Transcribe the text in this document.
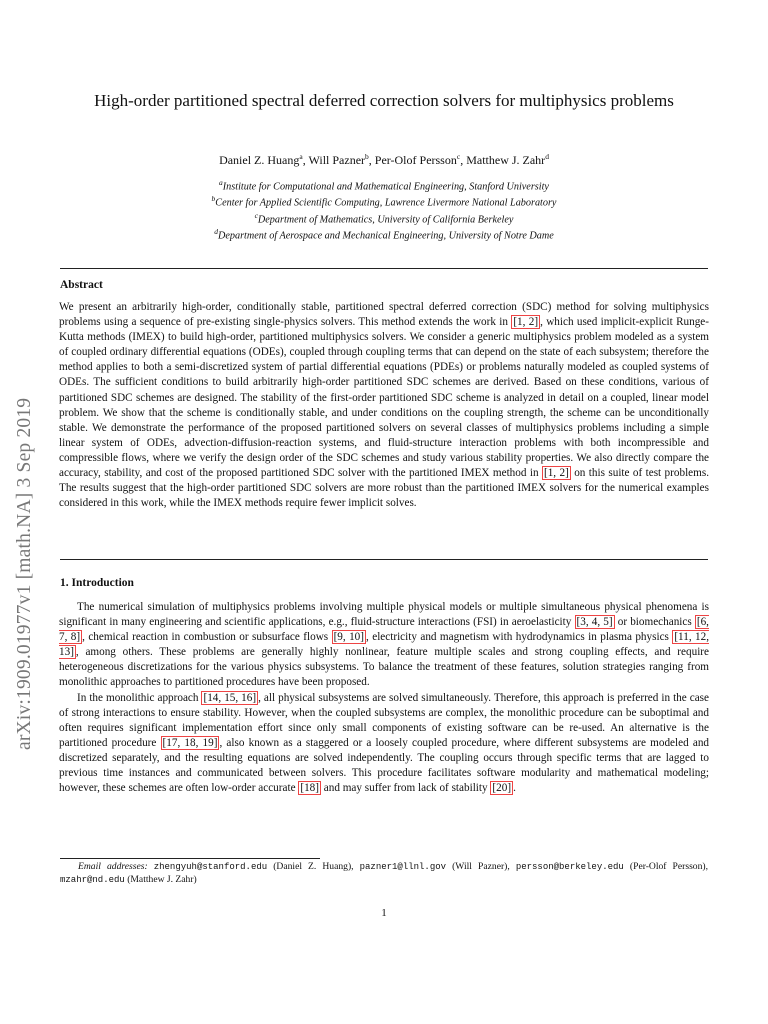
arXiv:1909.01977v1 [math.NA] 3 Sep 2019
High-order partitioned spectral deferred correction solvers for multiphysics problems
Daniel Z. Huang$^a$, Will Pazner$^b$, Per-Olof Persson$^c$, Matthew J. Zahr$^d$
$^a$Institute for Computational and Mathematical Engineering, Stanford University
$^b$Center for Applied Scientific Computing, Lawrence Livermore National Laboratory
$^c$Department of Mathematics, University of California Berkeley
$^d$Department of Aerospace and Mechanical Engineering, University of Notre Dame
Abstract

We present an arbitrarily high-order, conditionally stable, partitioned spectral deferred correction (SDC) method for solving multiphysics problems using a sequence of pre-existing single-physics solvers. This method extends the work in [1, 2] , which used implicit-explicit Runge-Kutta methods (IMEX) to build high-order, partitioned multiphysics solvers. We consider a generic multiphysics problem modeled as a system of coupled ordinary differential equations (ODEs), coupled through coupling terms that can depend on the state of each subsystem; therefore the method applies to both a semi-discretized system of partial differential equations (PDEs) or problems naturally modeled as coupled systems of ODEs. The sufficient conditions to build arbitrarily high-order partitioned SDC schemes are derived. Based on these conditions, various of partitioned SDC schemes are designed. The stability of the first-order partitioned SDC scheme is analyzed in detail on a coupled, linear model problem. We show that the scheme is conditionally stable, and under conditions on the coupling strength, the scheme can be unconditionally stable. We demonstrate the performance of the proposed partitioned solvers on several classes of multiphysics problems including a simple linear system of ODEs, advection-diffusion-reaction systems, and fluid-structure interaction problems with both incompressible and compressible flows, where we verify the design order of the SDC schemes and study various stability properties. We also directly compare the accuracy, stability, and cost of the proposed partitioned SDC solver with the partitioned IMEX method in [1, 2] on this suite of test problems. The results suggest that the high-order partitioned SDC solvers are more robust than the partitioned IMEX solvers for the numerical examples considered in this work, while the IMEX methods require fewer implicit solves.

1. Introduction

The numerical simulation of multiphysics problems involving multiple physical models or multiple simultaneous physical phenomena is significant in many engineering and scientific applications, e.g., fluid-structure interactions (FSI) in aeroelasticity [3, 4, 5] or biomechanics [6, 7, 8] , chemical reaction in combustion or subsurface flows [9, 10] , electricity and magnetism with hydrodynamics in plasma physics [11, 12, 13] , among others. These problems are generally highly nonlinear, feature multiple scales and strong coupling effects, and require heterogeneous discretizations for the various physics subsystems. To balance the treatment of these features, solution strategies ranging from monolithic approaches to partitioned procedures have been proposed.

In the monolithic approach [14, 15, 16] , all physical subsystems are solved simultaneously. Therefore, this approach is preferred in the case of strong interactions to ensure stability. However, when the coupled subsystems are complex, the monolithic procedure can be suboptimal and often requires significant implementation effort since only small components of existing software can be re-used. An alternative is the partitioned procedure [17, 18, 19] , also known as a staggered or a loosely coupled procedure, where different subsystems are modeled and discretized separately, and the resulting equations are solved independently. The coupling occurs through specific terms that are lagged to previous time instances and communicated between solvers. This procedure facilitates software modularity and mathematical modeling; however, these schemes are often low-order accurate [18] and may suffer from lack of stability [20] .

Email addresses: zhengyuh@stanford.edu (Daniel Z. Huang), pazner1@llnl.gov (Will Pazner), persson@berkeley.edu (Per-Olof Persson), mzahr@nd.edu (Matthew J. Zahr)
1
